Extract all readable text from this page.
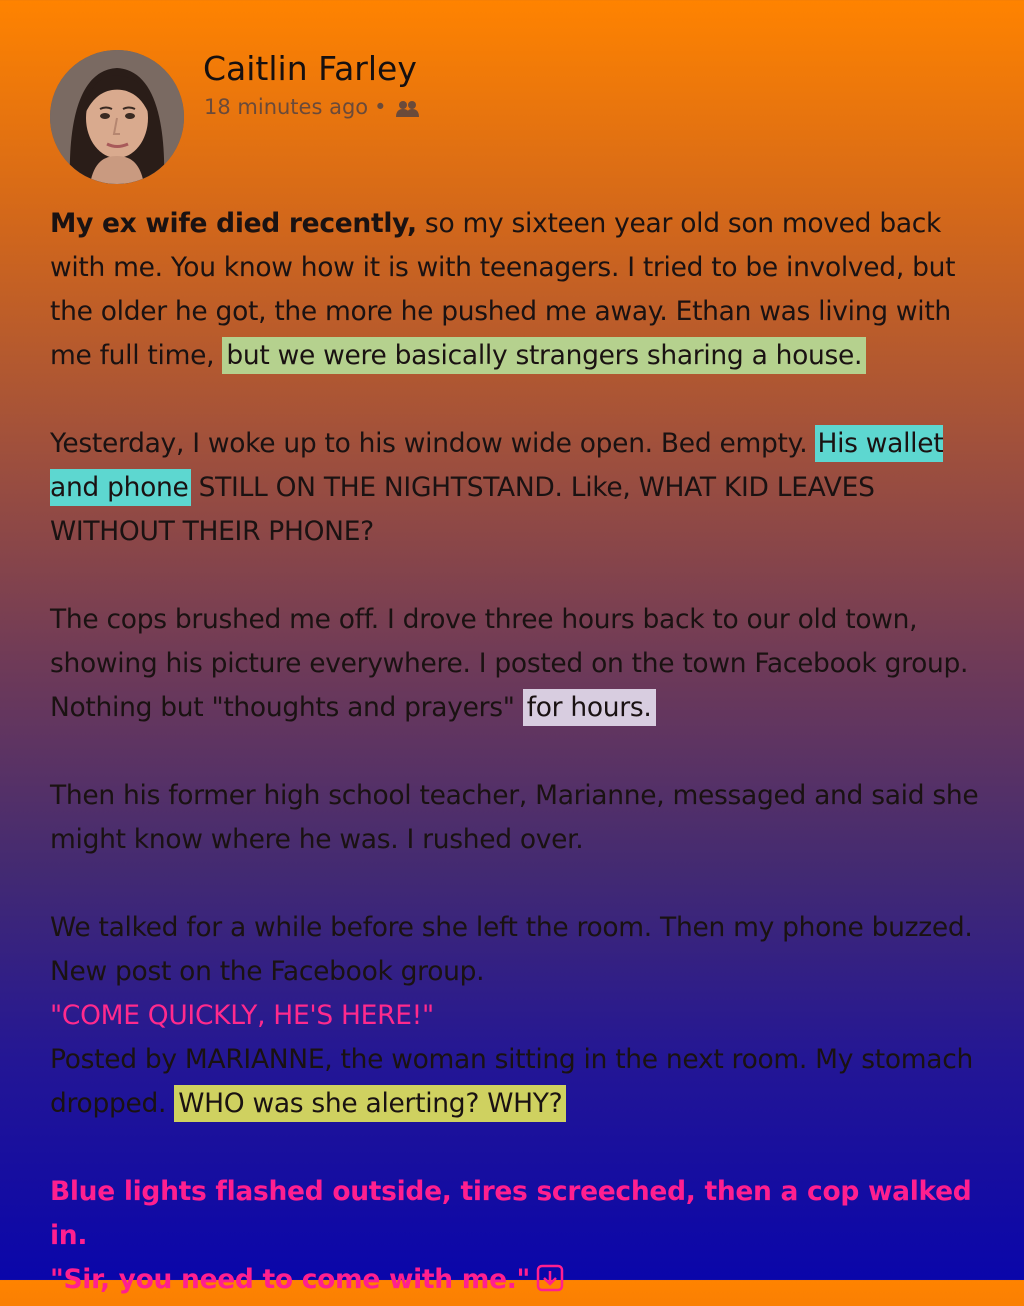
Caitlin Farley
18 minutes ago •

My ex wife died recently, so my sixteen year old son moved back with me. You know how it is with teenagers. I tried to be involved, but the older he got, the more he pushed me away. Ethan was living with me full time, but we were basically strangers sharing a house.

Yesterday, I woke up to his window wide open. Bed empty. His wallet and phone STILL ON THE NIGHTSTAND. Like, WHAT KID LEAVES WITHOUT THEIR PHONE?

The cops brushed me off. I drove three hours back to our old town, showing his picture everywhere. I posted on the town Facebook group. Nothing but "thoughts and prayers" for hours.

Then his former high school teacher, Marianne, messaged and said she might know where he was. I rushed over.

We talked for a while before she left the room. Then my phone buzzed. New post on the Facebook group.
"COME QUICKLY, HE'S HERE!"
Posted by MARIANNE, the woman sitting in the next room. My stomach dropped. WHO was she alerting? WHY?

Blue lights flashed outside, tires screeched, then a cop walked in.
"Sir, you need to come with me."
